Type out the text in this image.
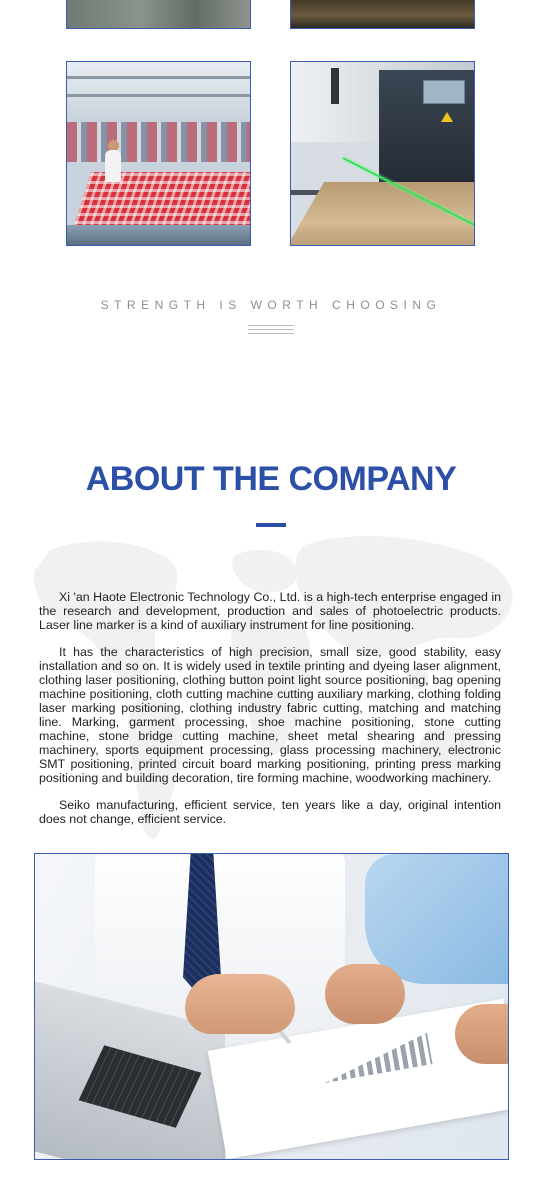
STRENGTH IS WORTH CHOOSING
ABOUT THE COMPANY

Xi 'an Haote Electronic Technology Co., Ltd. is a high-tech enterprise engaged in the research and development, production and sales of photoelectric products. Laser line marker is a kind of auxiliary instrument for line positioning.

It has the characteristics of high precision, small size, good stability, easy installation and so on. It is widely used in textile printing and dyeing laser alignment, clothing laser positioning, clothing button point light source positioning, bag opening machine positioning, cloth cutting machine cutting auxiliary marking, clothing folding laser marking positioning, clothing industry fabric cutting, matching and matching line. Marking, garment processing, shoe machine positioning, stone cutting machine, stone bridge cutting machine, sheet metal shearing and pressing machinery, sports equipment processing, glass processing machinery, electronic SMT positioning, printed circuit board marking positioning, printing press marking positioning and building decoration, tire forming machine, woodworking machinery.

Seiko manufacturing, efficient service, ten years like a day, original intention does not change, efficient service.
